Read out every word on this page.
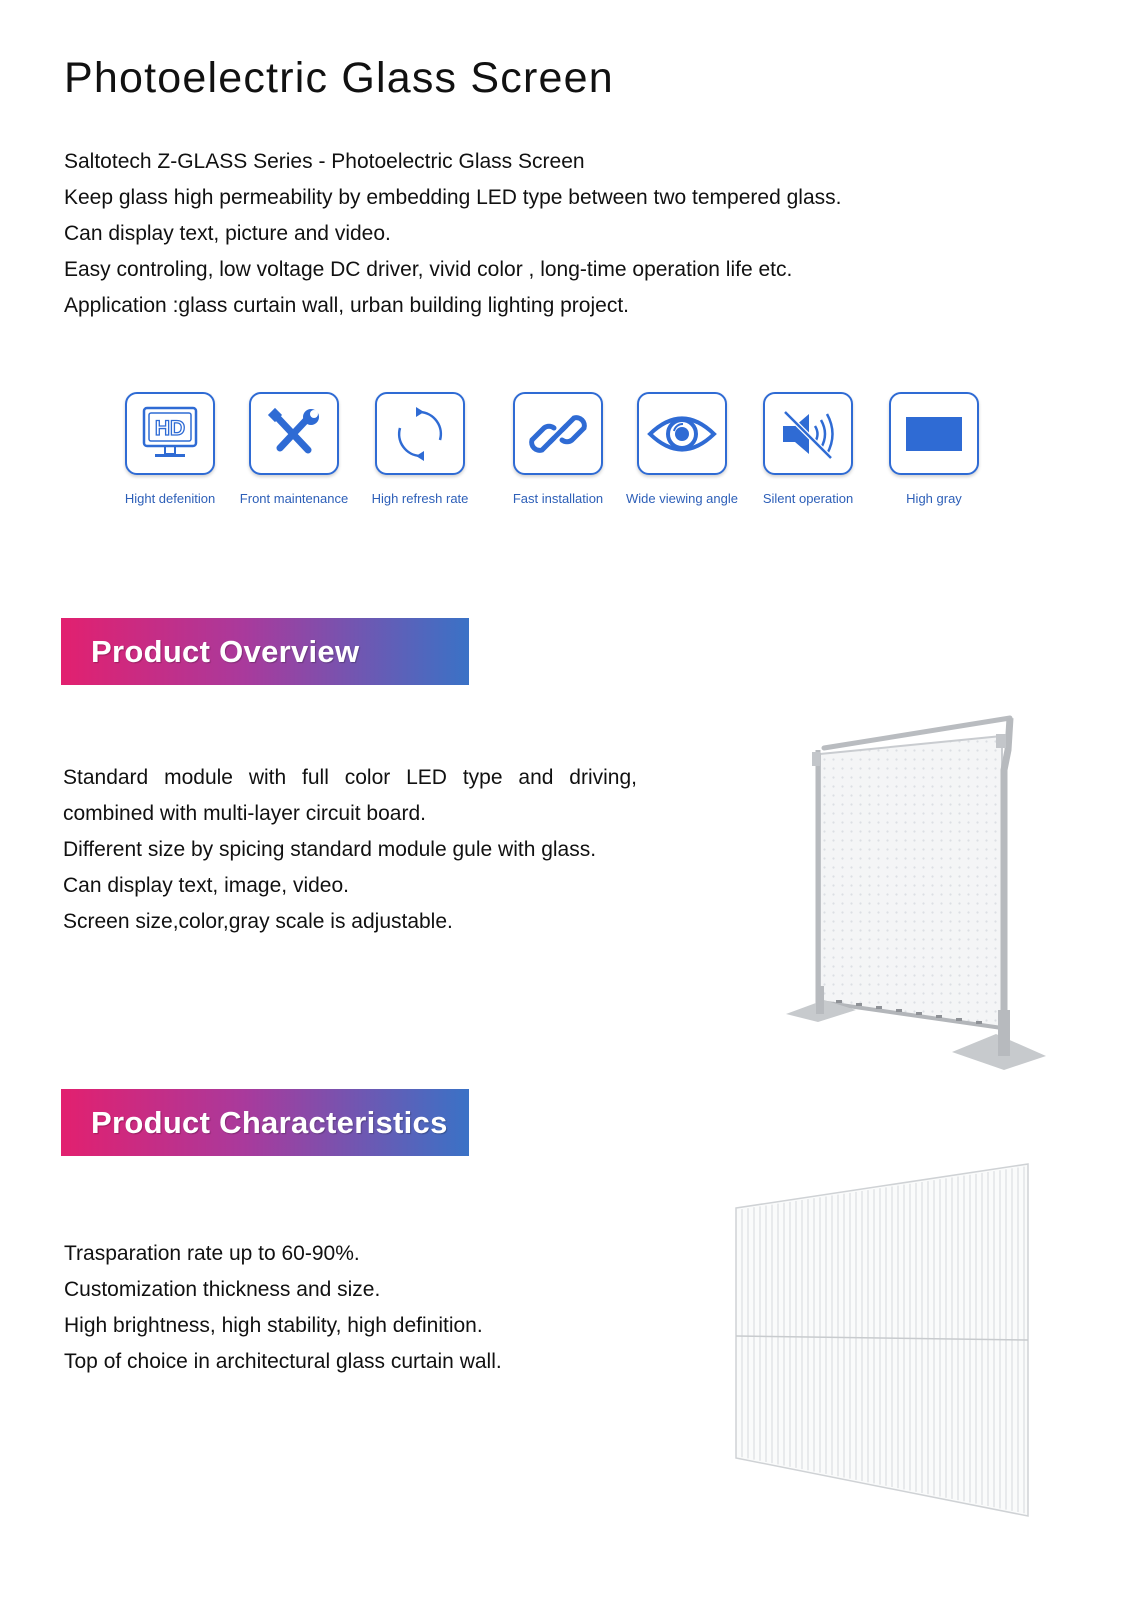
Photoelectric Glass Screen
Saltotech Z-GLASS Series - Photoelectric Glass Screen
Keep glass high permeability by embedding LED type between two tempered glass.
Can display text, picture and video.
Easy controling, low voltage DC driver, vivid color , long-time operation life etc.
Application :glass curtain wall, urban building lighting project.
HD
Hight defenition	Front maintenance	High refresh rate	Fast installation	Wide viewing angle	Silent operation	High gray
Product Overview
Standard module with full color LED type and driving,
combined with multi-layer circuit board.
Different size by spicing standard module gule with glass.
Can display text, image, video.
Screen size,color,gray scale is adjustable.
Product Characteristics
Trasparation rate up to 60-90%.
Customization thickness and size.
High brightness, high stability, high definition.
Top of choice in architectural glass curtain wall.
